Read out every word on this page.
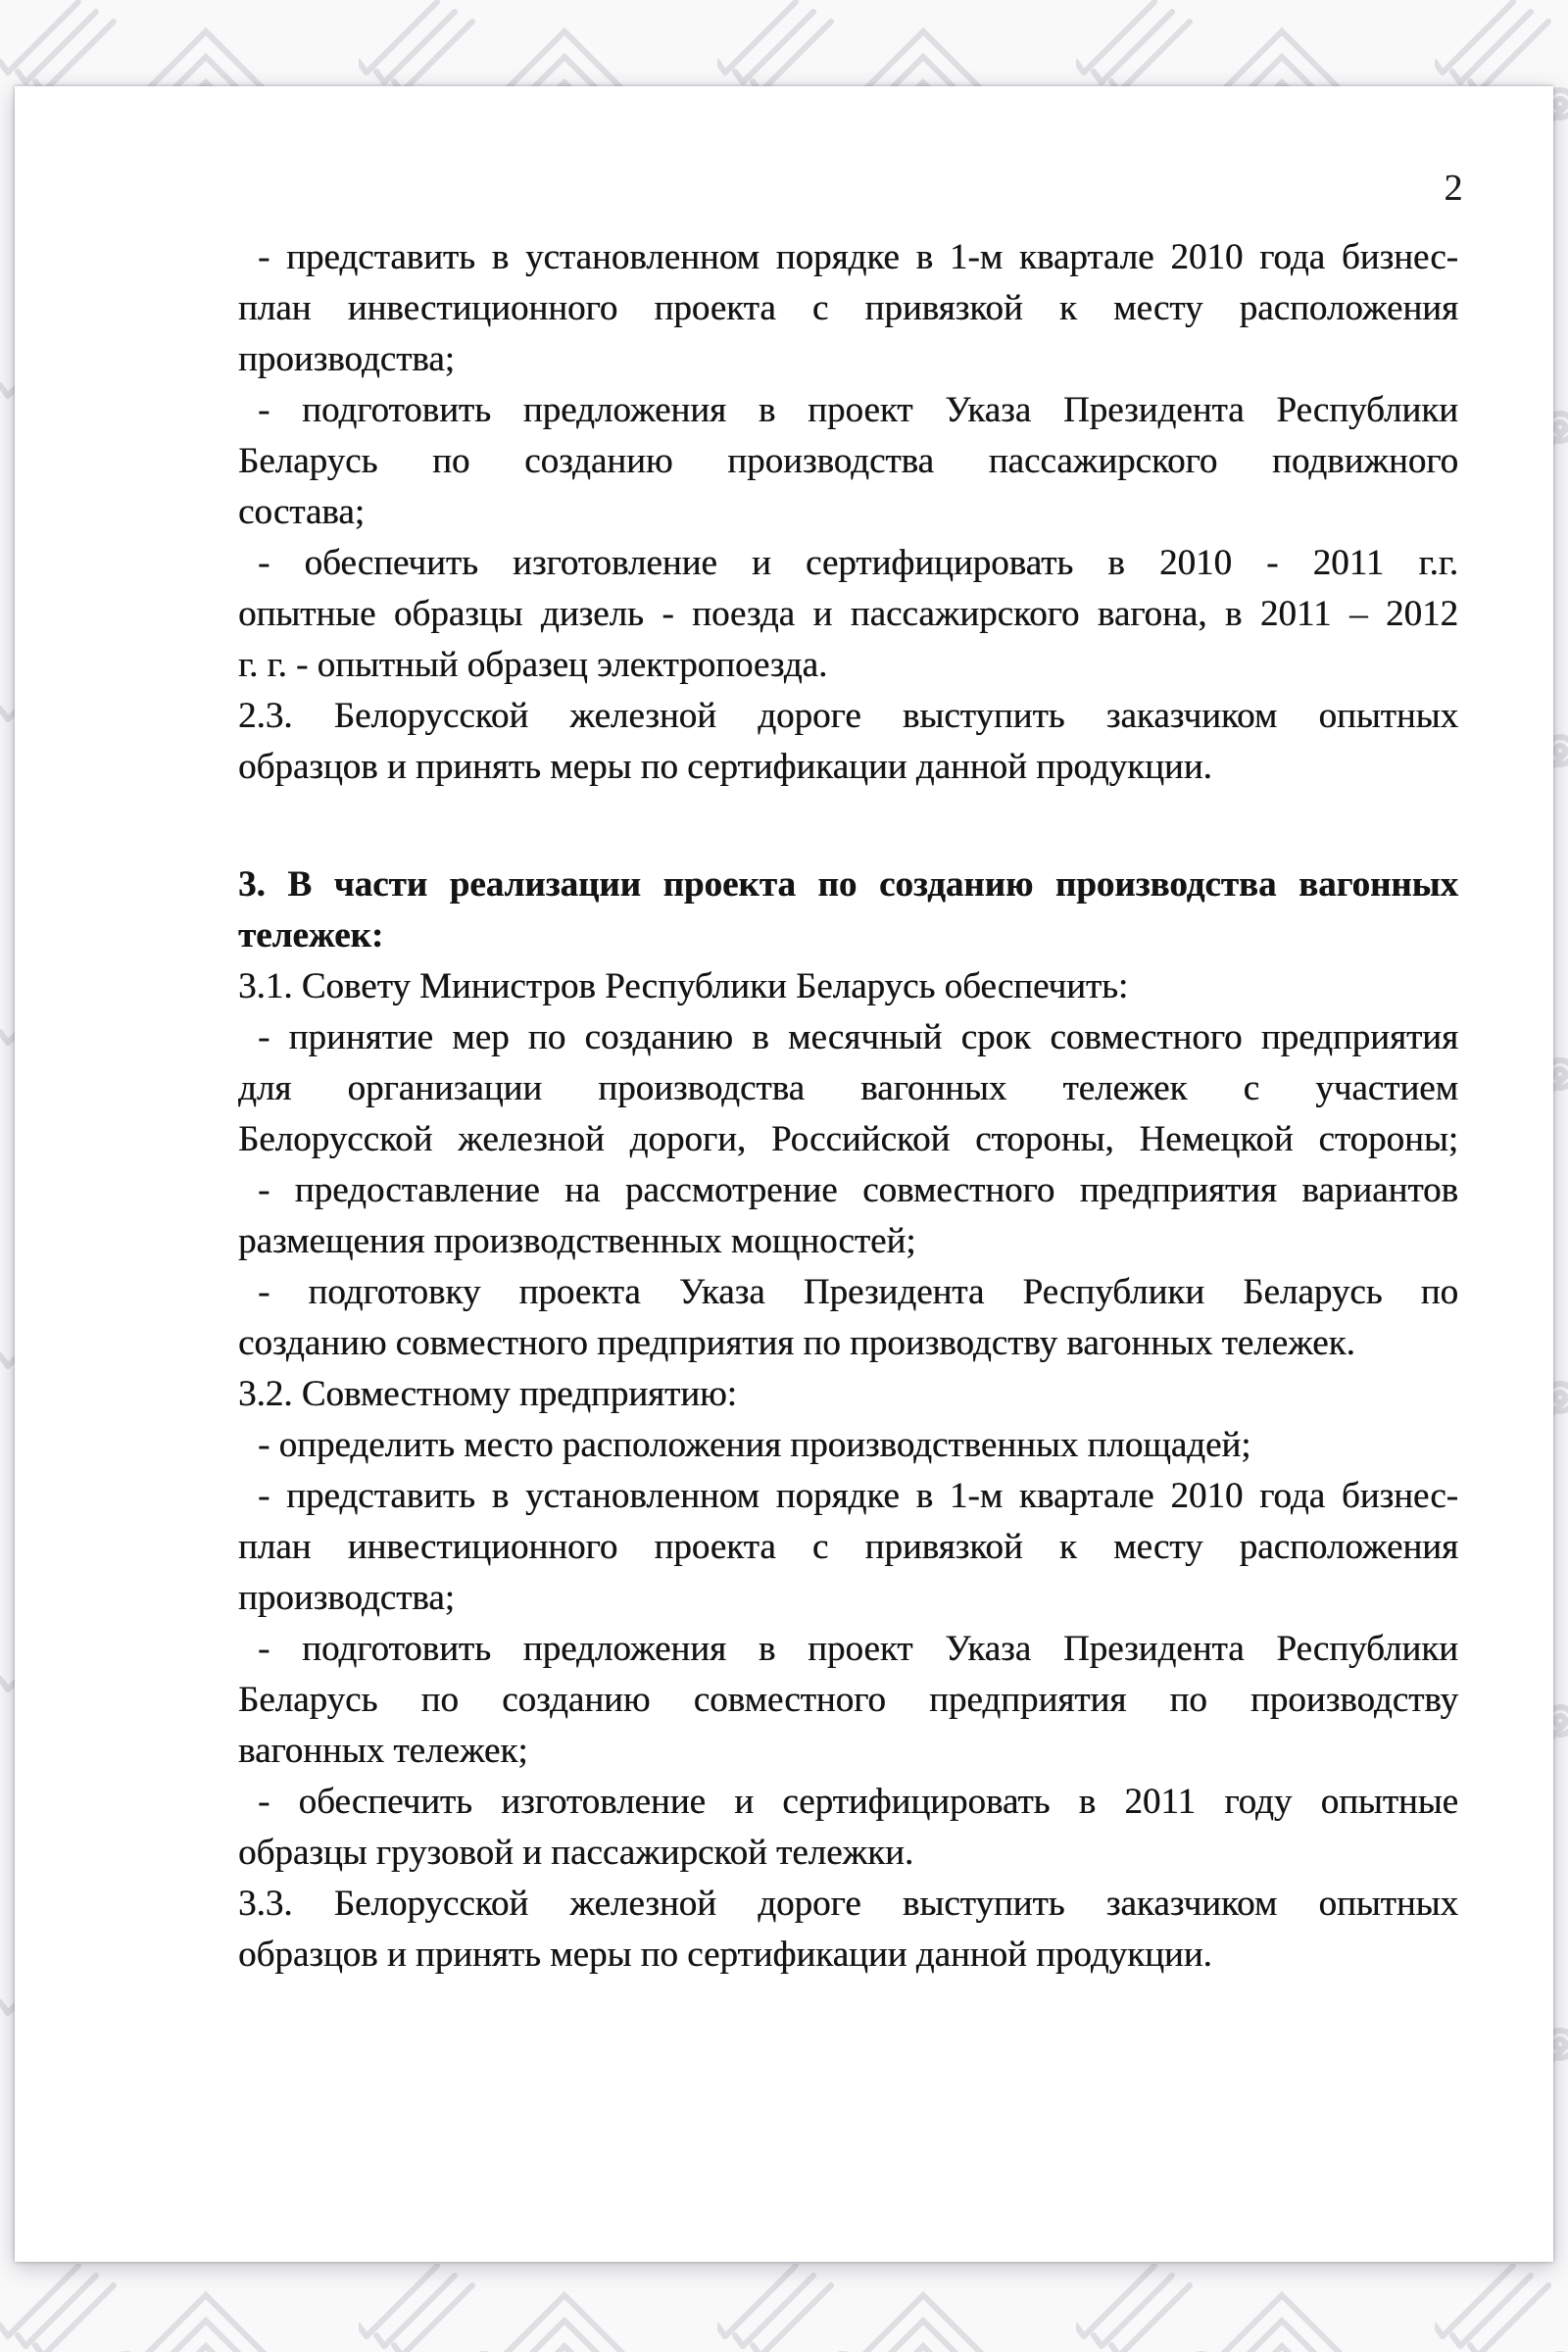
2
- представить в установленном порядке в 1-м квартале 2010 года бизнес-
план инвестиционного проекта с привязкой к месту расположения
производства;
- подготовить предложения в проект Указа Президента Республики
Беларусь по созданию производства пассажирского подвижного
состава;
- обеспечить изготовление и сертифицировать в 2010 - 2011 г.г.
опытные образцы дизель - поезда и пассажирского вагона, в 2011 – 2012
г. г. - опытный образец электропоезда.
2.3. Белорусской железной дороге выступить заказчиком опытных
образцов и принять меры по сертификации данной продукции.
3. В части реализации проекта по созданию производства вагонных
тележек:
3.1. Совету Министров Республики Беларусь обеспечить:
- принятие мер по созданию в месячный срок совместного предприятия
для организации производства вагонных тележек с участием
Белорусской железной дороги, Российской стороны, Немецкой стороны;
- предоставление на рассмотрение совместного предприятия вариантов
размещения производственных мощностей;
- подготовку проекта Указа Президента Республики Беларусь по
созданию совместного предприятия по производству вагонных тележек.
3.2. Совместному предприятию:
- определить место расположения производственных площадей;
- представить в установленном порядке в 1-м квартале 2010 года бизнес-
план инвестиционного проекта с привязкой к месту расположения
производства;
- подготовить предложения в проект Указа Президента Республики
Беларусь по созданию совместного предприятия по производству
вагонных тележек;
- обеспечить изготовление и сертифицировать в 2011 году опытные
образцы грузовой и пассажирской тележки.
3.3. Белорусской железной дороге выступить заказчиком опытных
образцов и принять меры по сертификации данной продукции.
